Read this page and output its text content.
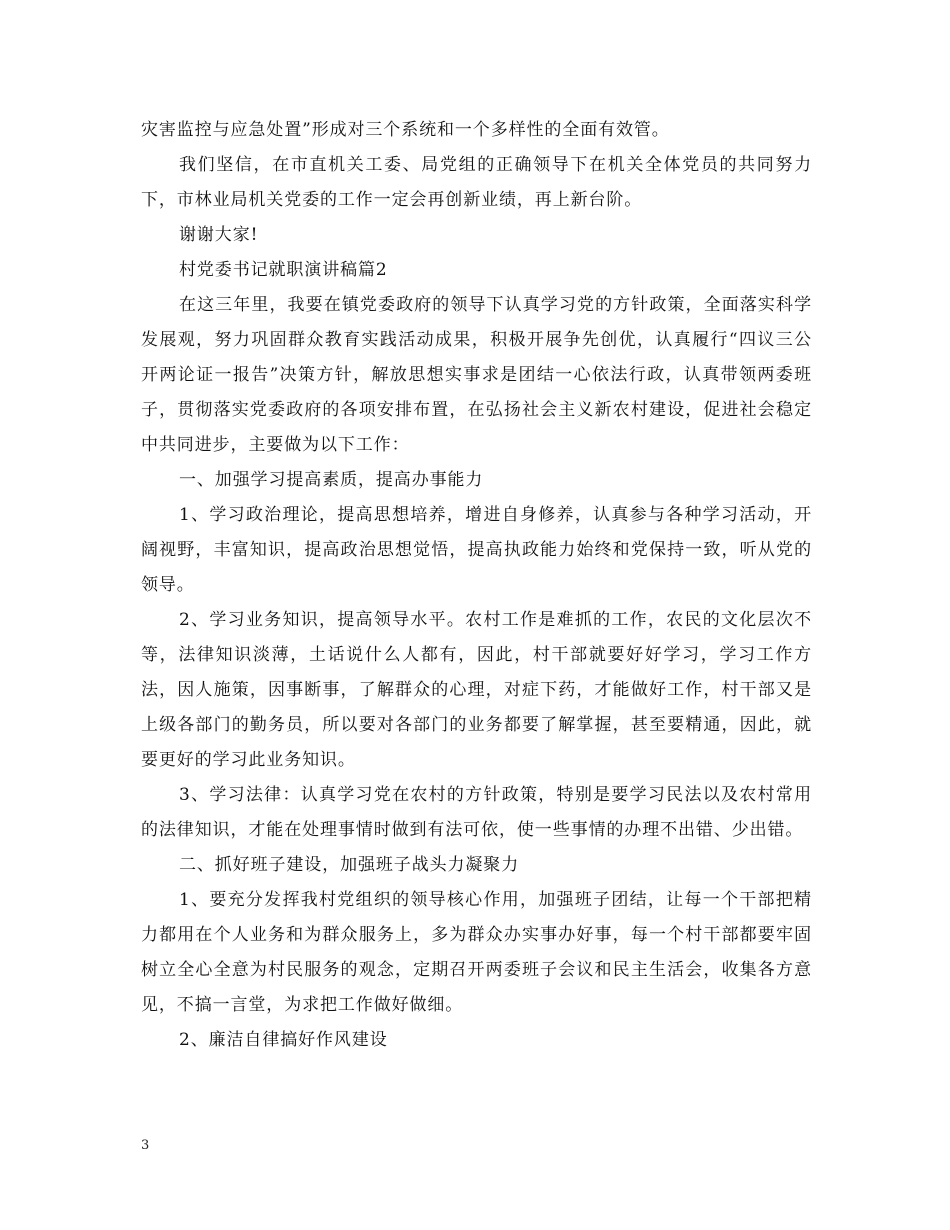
灾害监控与应急处置”形成对三个系统和一个多样性的全面有效管。

我们坚信，在市直机关工委、局党组的正确领导下在机关全体党员的共同努力下，市林业局机关党委的工作一定会再创新业绩，再上新台阶。

谢谢大家!

村党委书记就职演讲稿篇2

在这三年里，我要在镇党委政府的领导下认真学习党的方针政策，全面落实科学发展观，努力巩固群众教育实践活动成果，积极开展争先创优，认真履行“四议三公开两论证一报告”决策方针，解放思想实事求是团结一心依法行政，认真带领两委班子，贯彻落实党委政府的各项安排布置，在弘扬社会主义新农村建设，促进社会稳定中共同进步，主要做为以下工作：

一、加强学习提高素质，提高办事能力

1、学习政治理论，提高思想培养，增进自身修养，认真参与各种学习活动，开阔视野，丰富知识，提高政治思想觉悟，提高执政能力始终和党保持一致，听从党的领导。

2、学习业务知识，提高领导水平。农村工作是难抓的工作，农民的文化层次不等，法律知识淡薄，土话说什么人都有，因此，村干部就要好好学习，学习工作方法，因人施策，因事断事，了解群众的心理，对症下药，才能做好工作，村干部又是上级各部门的勤务员，所以要对各部门的业务都要了解掌握，甚至要精通，因此，就要更好的学习此业务知识。

3、学习法律：认真学习党在农村的方针政策，特别是要学习民法以及农村常用的法律知识，才能在处理事情时做到有法可依，使一些事情的办理不出错、少出错。

二、抓好班子建设，加强班子战头力凝聚力

1、要充分发挥我村党组织的领导核心作用，加强班子团结，让每一个干部把精力都用在个人业务和为群众服务上，多为群众办实事办好事，每一个村干部都要牢固树立全心全意为村民服务的观念，定期召开两委班子会议和民主生活会，收集各方意见，不搞一言堂，为求把工作做好做细。

2、廉洁自律搞好作风建设

3
